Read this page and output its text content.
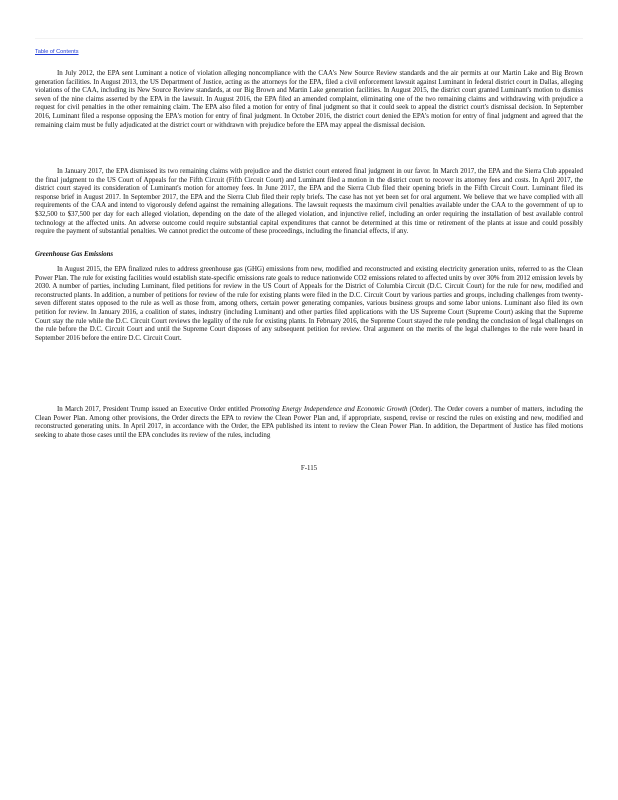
Table of Contents

In July 2012, the EPA sent Luminant a notice of violation alleging noncompliance with the CAA's New Source Review standards and the air permits at our Martin Lake and Big Brown generation facilities. In August 2013, the US Department of Justice, acting as the attorneys for the EPA, filed a civil enforcement lawsuit against Luminant in federal district court in Dallas, alleging violations of the CAA, including its New Source Review standards, at our Big Brown and Martin Lake generation facilities. In August 2015, the district court granted Luminant's motion to dismiss seven of the nine claims asserted by the EPA in the lawsuit. In August 2016, the EPA filed an amended complaint, eliminating one of the two remaining claims and withdrawing with prejudice a request for civil penalties in the other remaining claim. The EPA also filed a motion for entry of final judgment so that it could seek to appeal the district court's dismissal decision. In September 2016, Luminant filed a response opposing the EPA's motion for entry of final judgment. In October 2016, the district court denied the EPA's motion for entry of final judgment and agreed that the remaining claim must be fully adjudicated at the district court or withdrawn with prejudice before the EPA may appeal the dismissal decision.

In January 2017, the EPA dismissed its two remaining claims with prejudice and the district court entered final judgment in our favor. In March 2017, the EPA and the Sierra Club appealed the final judgment to the US Court of Appeals for the Fifth Circuit (Fifth Circuit Court) and Luminant filed a motion in the district court to recover its attorney fees and costs. In April 2017, the district court stayed its consideration of Luminant's motion for attorney fees. In June 2017, the EPA and the Sierra Club filed their opening briefs in the Fifth Circuit Court. Luminant filed its response brief in August 2017. In September 2017, the EPA and the Sierra Club filed their reply briefs. The case has not yet been set for oral argument. We believe that we have complied with all requirements of the CAA and intend to vigorously defend against the remaining allegations. The lawsuit requests the maximum civil penalties available under the CAA to the government of up to $32,500 to $37,500 per day for each alleged violation, depending on the date of the alleged violation, and injunctive relief, including an order requiring the installation of best available control technology at the affected units. An adverse outcome could require substantial capital expenditures that cannot be determined at this time or retirement of the plants at issue and could possibly require the payment of substantial penalties. We cannot predict the outcome of these proceedings, including the financial effects, if any.

Greenhouse Gas Emissions

In August 2015, the EPA finalized rules to address greenhouse gas (GHG) emissions from new, modified and reconstructed and existing electricity generation units, referred to as the Clean Power Plan. The rule for existing facilities would establish state-specific emissions rate goals to reduce nationwide CO2 emissions related to affected units by over 30% from 2012 emission levels by 2030. A number of parties, including Luminant, filed petitions for review in the US Court of Appeals for the District of Columbia Circuit (D.C. Circuit Court) for the rule for new, modified and reconstructed plants. In addition, a number of petitions for review of the rule for existing plants were filed in the D.C. Circuit Court by various parties and groups, including challenges from twenty-seven different states opposed to the rule as well as those from, among others, certain power generating companies, various business groups and some labor unions. Luminant also filed its own petition for review. In January 2016, a coalition of states, industry (including Luminant) and other parties filed applications with the US Supreme Court (Supreme Court) asking that the Supreme Court stay the rule while the D.C. Circuit Court reviews the legality of the rule for existing plants. In February 2016, the Supreme Court stayed the rule pending the conclusion of legal challenges on the rule before the D.C. Circuit Court and until the Supreme Court disposes of any subsequent petition for review. Oral argument on the merits of the legal challenges to the rule were heard in September 2016 before the entire D.C. Circuit Court.

In March 2017, President Trump issued an Executive Order entitled Promoting Energy Independence and Economic Growth (Order). The Order covers a number of matters, including the Clean Power Plan. Among other provisions, the Order directs the EPA to review the Clean Power Plan and, if appropriate, suspend, revise or rescind the rules on existing and new, modified and reconstructed generating units. In April 2017, in accordance with the Order, the EPA published its intent to review the Clean Power Plan. In addition, the Department of Justice has filed motions seeking to abate those cases until the EPA concludes its review of the rules, including

F-115
